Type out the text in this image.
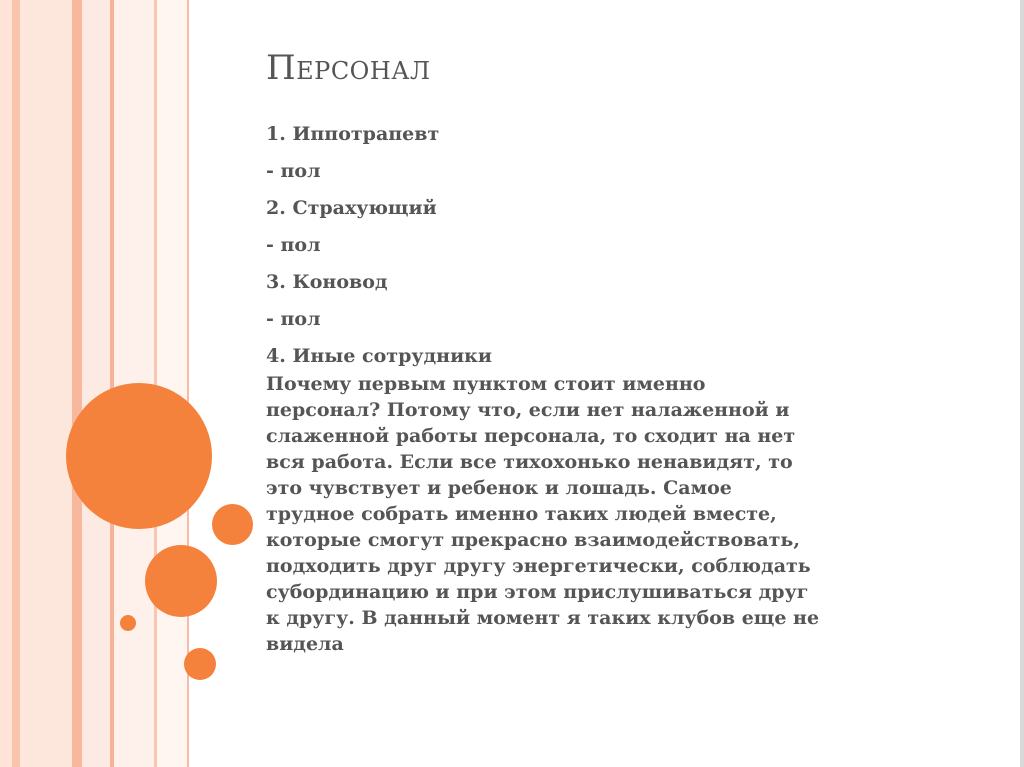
Персонал

1. Иппотрапевт

- пол

2. Страхующий

- пол

3. Коновод

- пол

4. Иные сотрудники

Почему первым пунктом стоит именно

персонал? Потому что, если нет налаженной и

слаженной работы персонала, то сходит на нет

вся работа. Если все тихохонько ненавидят, то

это чувствует и ребенок и лошадь. Самое

трудное собрать именно таких людей вместе,

которые смогут прекрасно взаимодействовать,

подходить друг другу энергетически, соблюдать

субординацию и при этом прислушиваться друг

к другу. В данный момент я таких клубов еще не

видела
